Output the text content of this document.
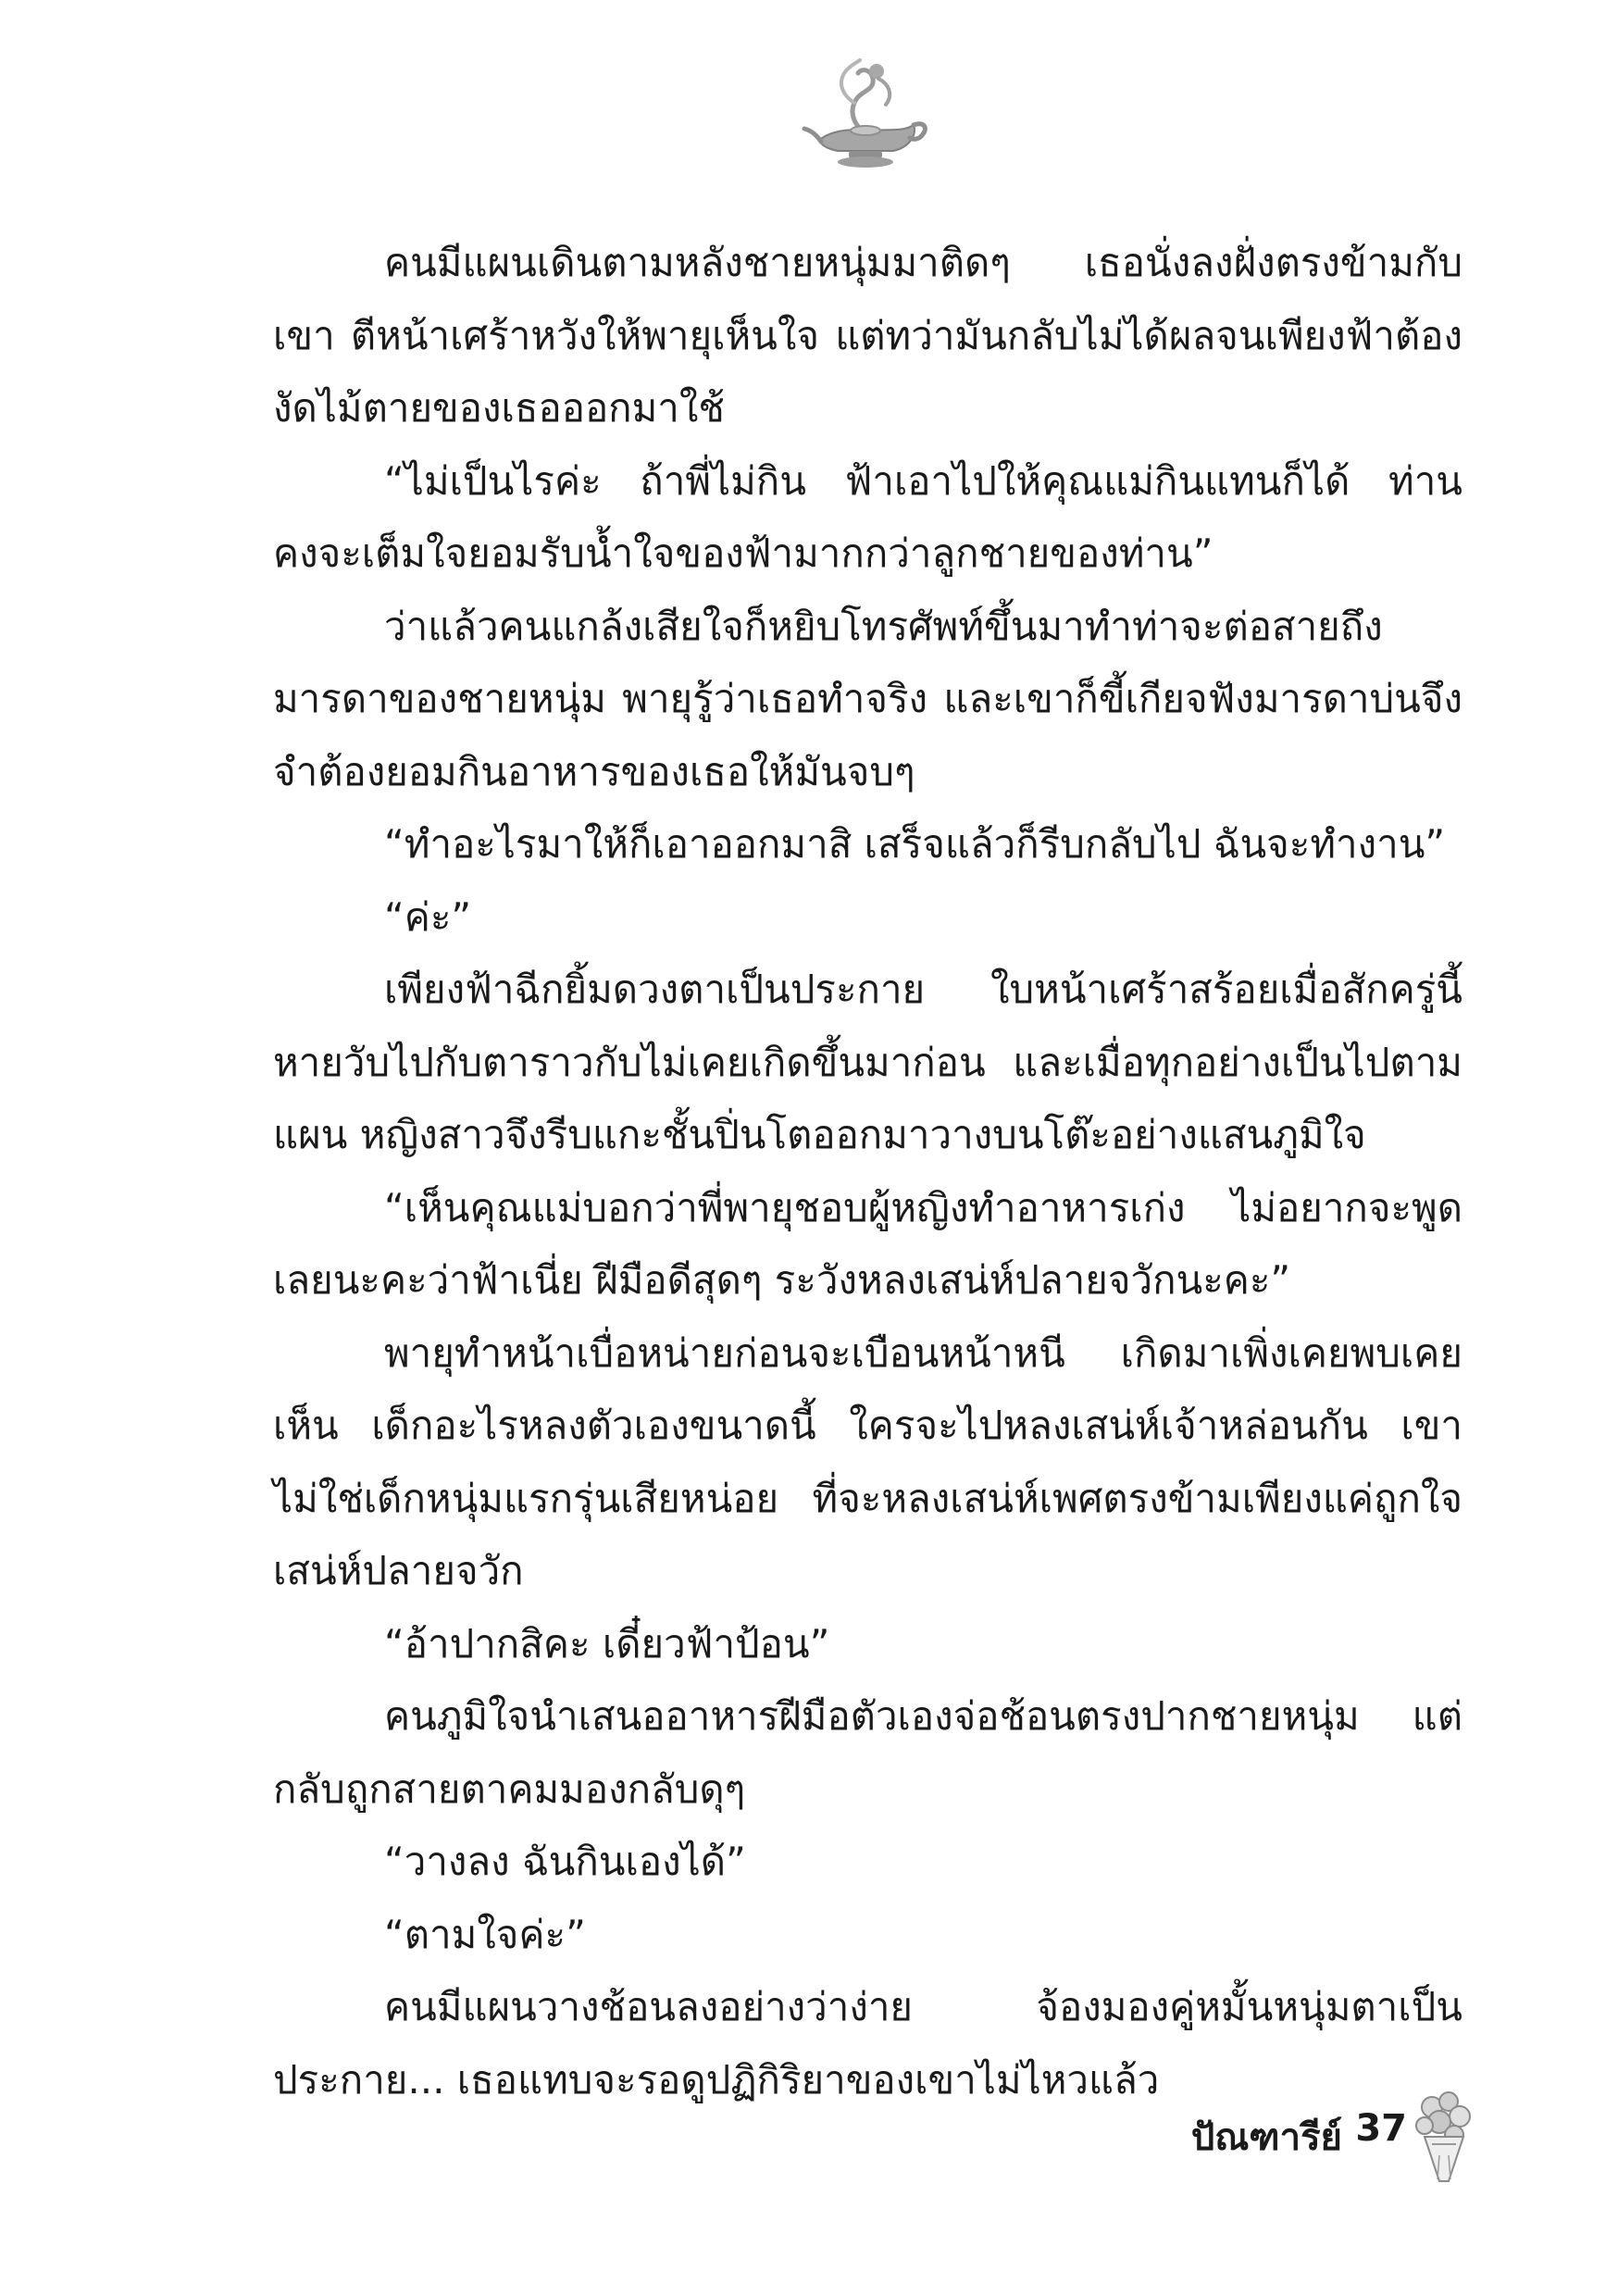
คนมีแผนเดินตามหลังชายหนุ่มมาติดๆ เธอนั่งลงฝั่งตรงข้ามกับเขา ตีหน้าเศร้าหวังให้พายุเห็นใจ แต่ทว่ามันกลับไม่ได้ผลจนเพียงฟ้าต้องงัดไม้ตายของเธอออกมาใช้

“ไม่เป็นไรค่ะ ถ้าพี่ไม่กิน ฟ้าเอาไปให้คุณแม่กินแทนก็ได้ ท่านคงจะเต็มใจยอมรับน้ำใจของฟ้ามากกว่าลูกชายของท่าน”

ว่าแล้วคนแกล้งเสียใจก็หยิบโทรศัพท์ขึ้นมาทำท่าจะต่อสายถึงมารดาของชายหนุ่ม พายุรู้ว่าเธอทำจริง และเขาก็ขี้เกียจฟังมารดาบ่นจึงจำต้องยอมกินอาหารของเธอให้มันจบๆ

“ทำอะไรมาให้ก็เอาออกมาสิ เสร็จแล้วก็รีบกลับไป ฉันจะทำงาน”

“ค่ะ”

เพียงฟ้าฉีกยิ้มดวงตาเป็นประกาย ใบหน้าเศร้าสร้อยเมื่อสักครู่นี้หายวับไปกับตาราวกับไม่เคยเกิดขึ้นมาก่อน และเมื่อทุกอย่างเป็นไปตามแผน หญิงสาวจึงรีบแกะชั้นปิ่นโตออกมาวางบนโต๊ะอย่างแสนภูมิใจ

“เห็นคุณแม่บอกว่าพี่พายุชอบผู้หญิงทำอาหารเก่ง ไม่อยากจะพูดเลยนะคะว่าฟ้าเนี่ย ฝีมือดีสุดๆ ระวังหลงเสน่ห์ปลายจวักนะคะ”

พายุทำหน้าเบื่อหน่ายก่อนจะเบือนหน้าหนี เกิดมาเพิ่งเคยพบเคยเห็น เด็กอะไรหลงตัวเองขนาดนี้ ใครจะไปหลงเสน่ห์เจ้าหล่อนกัน เขาไม่ใช่เด็กหนุ่มแรกรุ่นเสียหน่อย ที่จะหลงเสน่ห์เพศตรงข้ามเพียงแค่ถูกใจเสน่ห์ปลายจวัก

“อ้าปากสิคะ เดี๋ยวฟ้าป้อน”

คนภูมิใจนำเสนออาหารฝีมือตัวเองจ่อช้อนตรงปากชายหนุ่ม แต่กลับถูกสายตาคมมองกลับดุๆ

“วางลง ฉันกินเองได้”

“ตามใจค่ะ”

คนมีแผนวางช้อนลงอย่างว่าง่าย จ้องมองคู่หมั้นหนุ่มตาเป็นประกาย... เธอแทบจะรอดูปฏิกิริยาของเขาไม่ไหวแล้ว

ปัณฑารีย์ 37
